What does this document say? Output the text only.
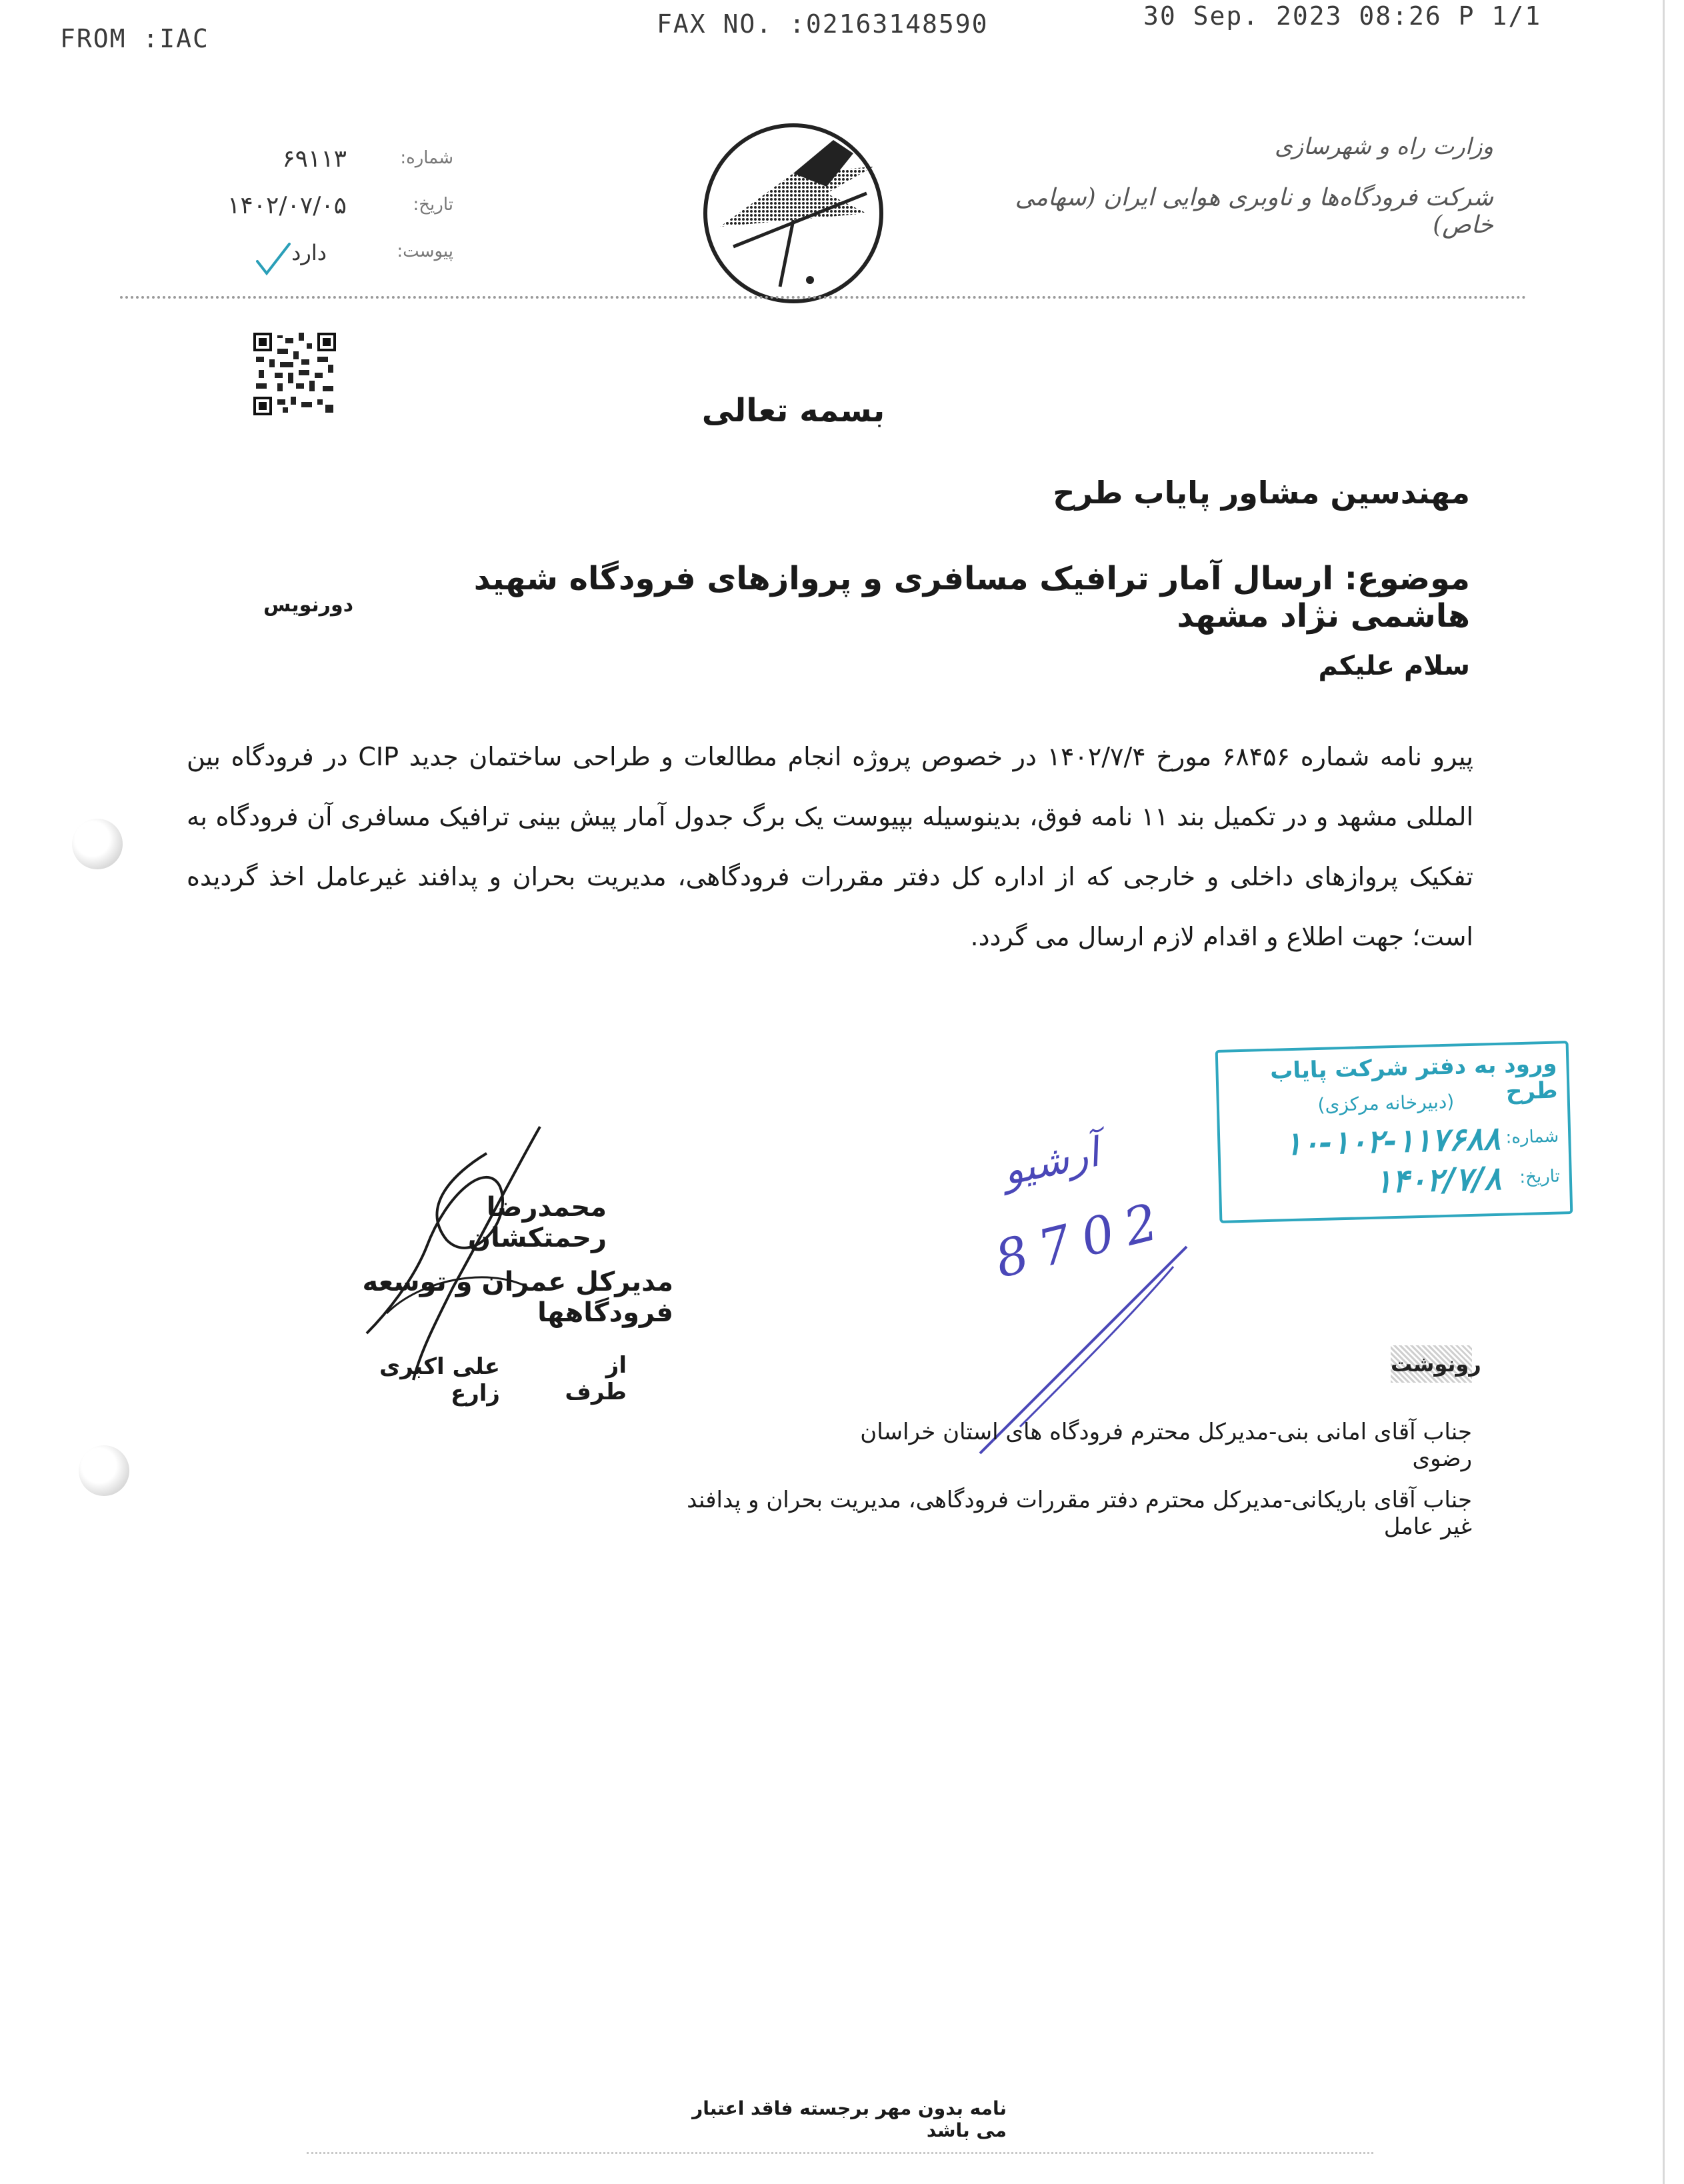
FROM :IAC	FAX NO. :02163148590	30 Sep. 2023 08:26 P 1/1
شماره:
۶۹۱۱۳
تاریخ:
۱۴۰۲/۰۷/۰۵
پیوست:
دارد
وزارت راه و شهرسازی
شرکت فرودگاه‌ها و ناوبری هوایی ایران (سهامی خاص)
بسمه تعالی
مهندسین مشاور پایاب طرح
موضوع: ارسال آمار ترافیک مسافری و پروازهای فرودگاه شهید هاشمی نژاد مشهد
دورنویس
سلام علیکم
پیرو نامه شماره ۶۸۴۵۶ مورخ ۱۴۰۲/۷/۴ در خصوص پروژه انجام مطالعات و طراحی ساختمان جدید CIP در فرودگاه بین المللی مشهد و در تکمیل بند ۱۱ نامه فوق، بدینوسیله بپیوست یک برگ جدول آمار پیش بینی ترافیک مسافری آن فرودگاه به تفکیک پروازهای داخلی و خارجی که از اداره کل دفتر مقررات فرودگاهی، مدیریت بحران و پدافند غیرعامل اخذ گردیده است؛ جهت اطلاع و اقدام لازم ارسال می گردد.
محمدرضا رحمتکشان
مدیرکل عمران و توسعه فرودگاهها
از طرف
علی اکبری زارع
ورود به دفتر شرکت پایاب طرح
(دبیرخانه مرکزی)
شماره:
۱۰-۱۰۲-۱۱۷۶۸۸
تاریخ:
۱۴۰۲/۷/۸
آرشیو
8702
رونوشت
جناب آقای امانی بنی-مدیرکل محترم فرودگاه های استان خراسان رضوی
جناب آقای باریکانی-مدیرکل محترم دفتر مقررات فرودگاهی، مدیریت بحران و پدافند غیر عامل
نامه بدون مهر برجسته فاقد اعتبار می باشد
